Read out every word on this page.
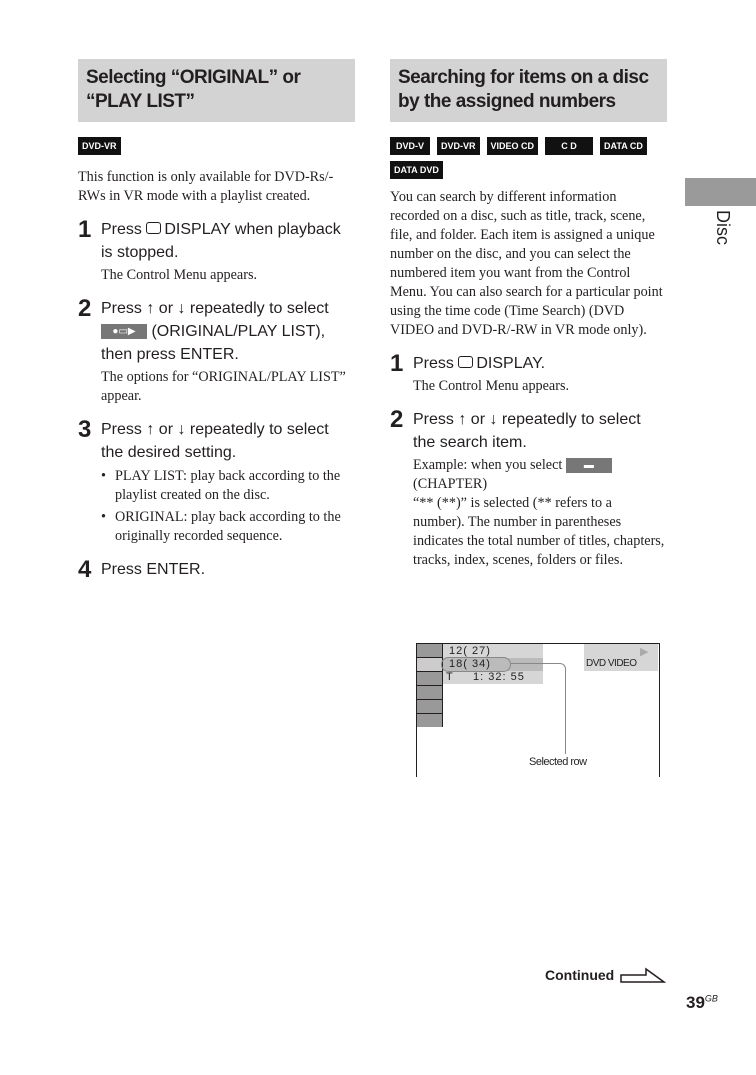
Selecting “ORIGINAL” or “PLAY LIST”
DVD-VR
This function is only available for DVD-Rs/-RWs in VR mode with a playlist created.
1 Press DISPLAY when playback is stopped.
The Control Menu appears.
2 Press ↑ or ↓ repeatedly to select
●▭▶ (ORIGINAL/PLAY LIST), then press ENTER.
The options for “ORIGINAL/PLAY LIST” appear.
3 Press ↑ or ↓ repeatedly to select the desired setting.
• PLAY LIST: play back according to the playlist created on the disc.
• ORIGINAL: play back according to the originally recorded sequence.
4 Press ENTER.
Searching for items on a disc by the assigned numbers
DVD-V DVD-VR VIDEO CD	C D	DATA CDDATA DVD
You can search by different information recorded on a disc, such as title, track, scene, file, and folder. Each item is assigned a unique number on the disc, and you can select the numbered item you want from the Control Menu. You can also search for a particular point using the time code (Time Search) (DVD VIDEO and DVD-R/-RW in VR mode only).
1 Press DISPLAY.
The Control Menu appears.
2 Press ↑ or ↓ repeatedly to select the search item.
Example: when you select ▬
(CHAPTER)
“** (**)” is selected (** refers to a number). The number in parentheses indicates the total number of titles, chapters, tracks, index, scenes, folders or files.
12( 27)
18( 34)
T 1: 32: 55
▶
DVD VIDEO
Selected row
Disc
Continued
$39^{GB}$
